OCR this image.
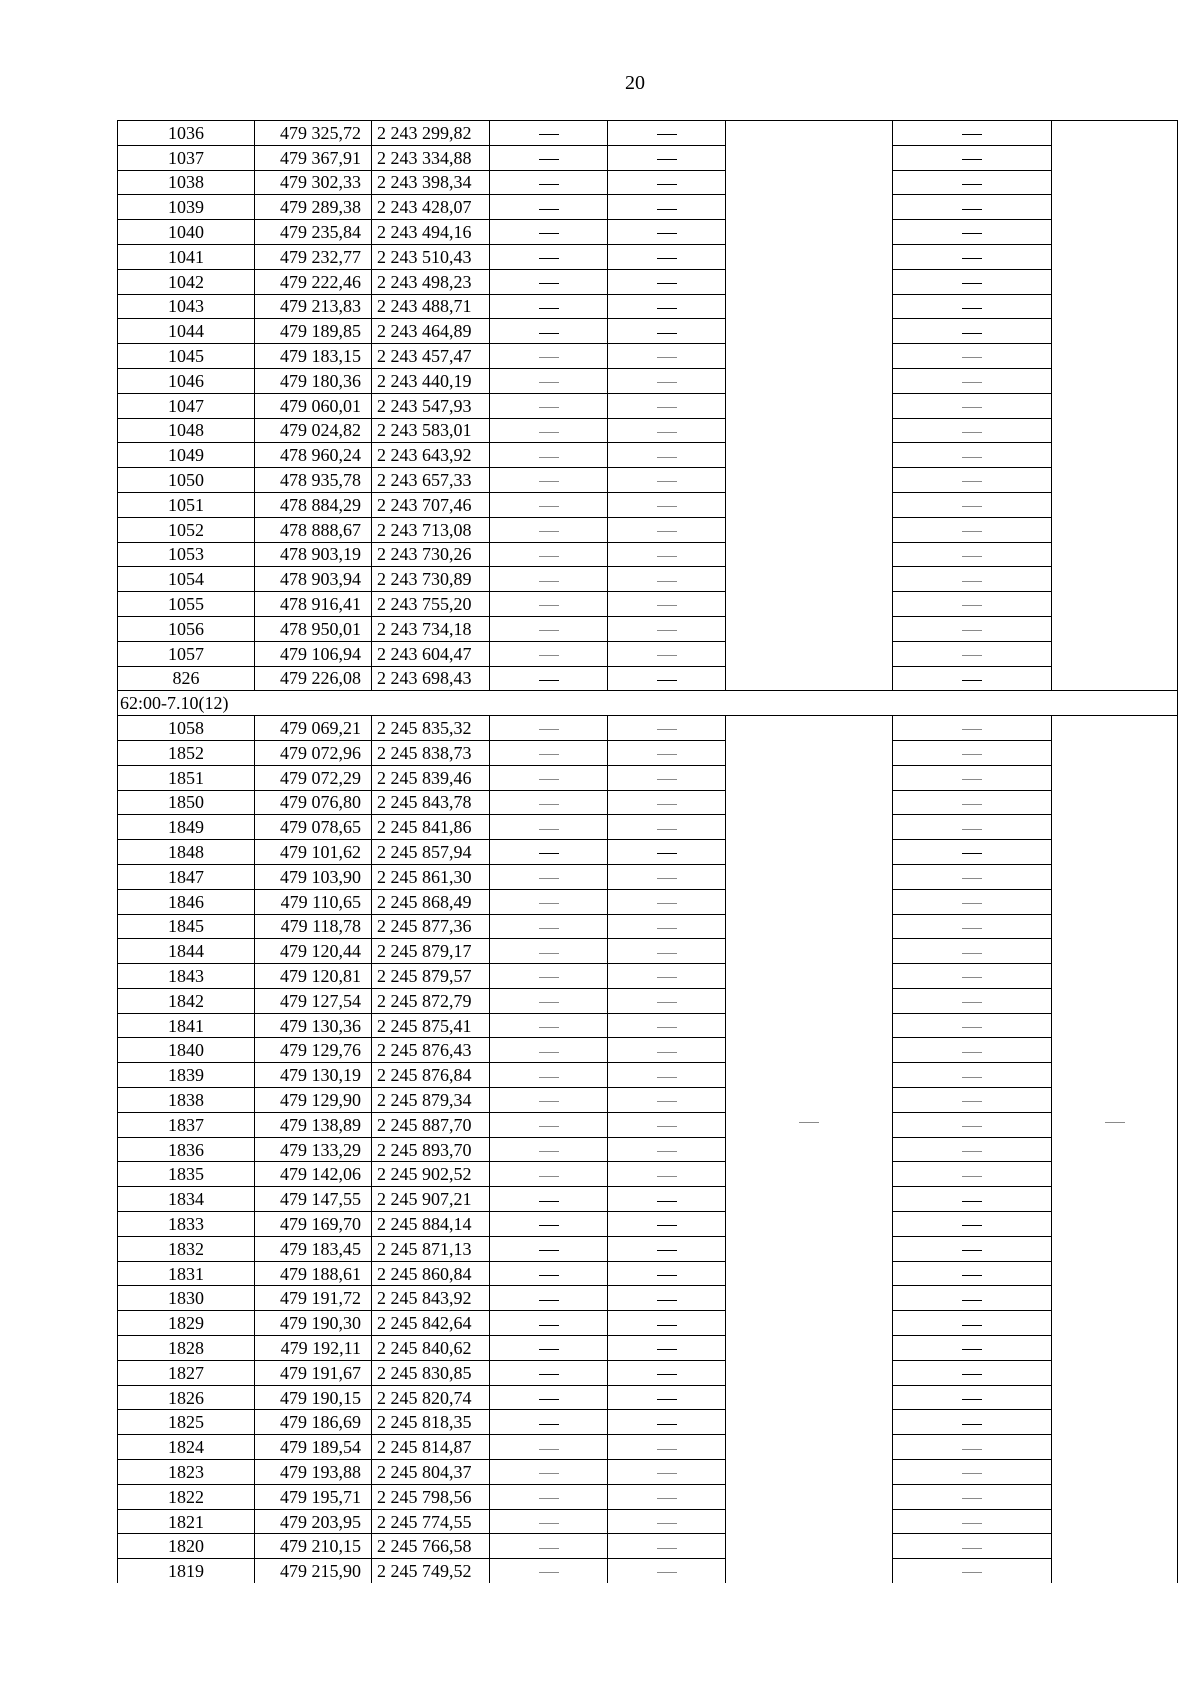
20
1036	479 325,72	2 243 299,82					
1037	479 367,91	2 243 334,88					
1038	479 302,33	2 243 398,34					
1039	479 289,38	2 243 428,07					
1040	479 235,84	2 243 494,16					
1041	479 232,77	2 243 510,43					
1042	479 222,46	2 243 498,23					
1043	479 213,83	2 243 488,71					
1044	479 189,85	2 243 464,89					
1045	479 183,15	2 243 457,47					
1046	479 180,36	2 243 440,19					
1047	479 060,01	2 243 547,93					
1048	479 024,82	2 243 583,01					
1049	478 960,24	2 243 643,92					
1050	478 935,78	2 243 657,33					
1051	478 884,29	2 243 707,46					
1052	478 888,67	2 243 713,08					
1053	478 903,19	2 243 730,26					
1054	478 903,94	2 243 730,89					
1055	478 916,41	2 243 755,20					
1056	478 950,01	2 243 734,18					
1057	479 106,94	2 243 604,47					
826	479 226,08	2 243 698,43					
62:00-7.10(12)							
1058	479 069,21	2 245 835,32					
1852	479 072,96	2 245 838,73					
1851	479 072,29	2 245 839,46					
1850	479 076,80	2 245 843,78					
1849	479 078,65	2 245 841,86					
1848	479 101,62	2 245 857,94					
1847	479 103,90	2 245 861,30					
1846	479 110,65	2 245 868,49					
1845	479 118,78	2 245 877,36					
1844	479 120,44	2 245 879,17					
1843	479 120,81	2 245 879,57					
1842	479 127,54	2 245 872,79					
1841	479 130,36	2 245 875,41					
1840	479 129,76	2 245 876,43					
1839	479 130,19	2 245 876,84					
1838	479 129,90	2 245 879,34					
1837	479 138,89	2 245 887,70					
1836	479 133,29	2 245 893,70					
1835	479 142,06	2 245 902,52					
1834	479 147,55	2 245 907,21					
1833	479 169,70	2 245 884,14					
1832	479 183,45	2 245 871,13					
1831	479 188,61	2 245 860,84					
1830	479 191,72	2 245 843,92					
1829	479 190,30	2 245 842,64					
1828	479 192,11	2 245 840,62					
1827	479 191,67	2 245 830,85					
1826	479 190,15	2 245 820,74					
1825	479 186,69	2 245 818,35					
1824	479 189,54	2 245 814,87					
1823	479 193,88	2 245 804,37					
1822	479 195,71	2 245 798,56					
1821	479 203,95	2 245 774,55					
1820	479 210,15	2 245 766,58					
1819	479 215,90	2 245 749,52					
